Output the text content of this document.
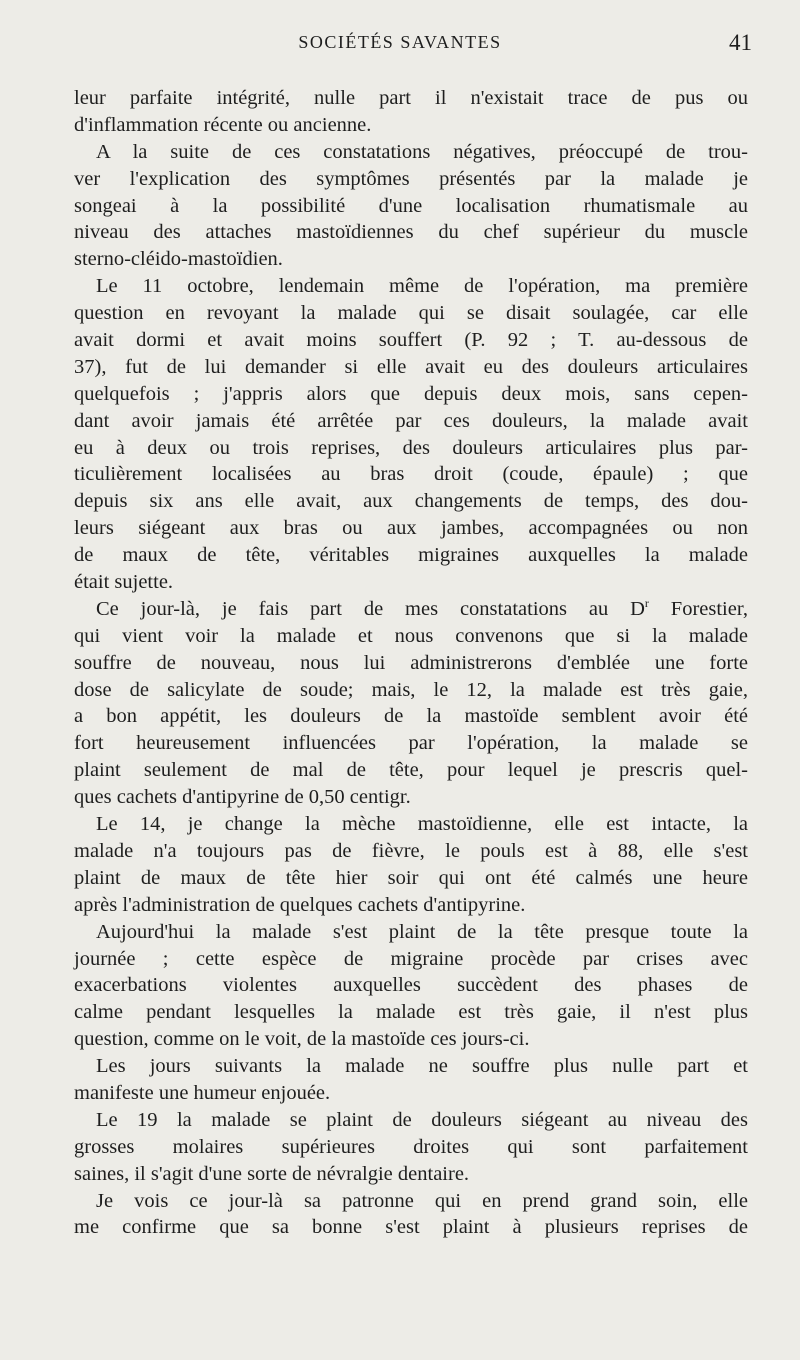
SOCIÉTÉS SAVANTES	41
leur parfaite intégrité, nulle part il n'existait trace de pus ou
d'inflammation récente ou ancienne.
A la suite de ces constatations négatives, préoccupé de trou-
ver l'explication des symptômes présentés par la malade je
songeai à la possibilité d'une localisation rhumatismale au
niveau des attaches mastoïdiennes du chef supérieur du muscle
sterno-cléido-mastoïdien.
Le 11 octobre, lendemain même de l'opération, ma première
question en revoyant la malade qui se disait soulagée, car elle
avait dormi et avait moins souffert (P. 92 ; T. au-dessous de
37), fut de lui demander si elle avait eu des douleurs articulaires
quelquefois ; j'appris alors que depuis deux mois, sans cepen-
dant avoir jamais été arrêtée par ces douleurs, la malade avait
eu à deux ou trois reprises, des douleurs articulaires plus par-
ticulièrement localisées au bras droit (coude, épaule) ; que
depuis six ans elle avait, aux changements de temps, des dou-
leurs siégeant aux bras ou aux jambes, accompagnées ou non
de maux de tête, véritables migraines auxquelles la malade
était sujette.
Ce jour-là, je fais part de mes constatations au $D^r$ Forestier,
qui vient voir la malade et nous convenons que si la malade
souffre de nouveau, nous lui administrerons d'emblée une forte
dose de salicylate de soude; mais, le 12, la malade est très gaie,
a bon appétit, les douleurs de la mastoïde semblent avoir été
fort heureusement influencées par l'opération, la malade se
plaint seulement de mal de tête, pour lequel je prescris quel-
ques cachets d'antipyrine de 0,50 centigr.
Le 14, je change la mèche mastoïdienne, elle est intacte, la
malade n'a toujours pas de fièvre, le pouls est à 88, elle s'est
plaint de maux de tête hier soir qui ont été calmés une heure
après l'administration de quelques cachets d'antipyrine.
Aujourd'hui la malade s'est plaint de la tête presque toute la
journée ; cette espèce de migraine procède par crises avec
exacerbations violentes auxquelles succèdent des phases de
calme pendant lesquelles la malade est très gaie, il n'est plus
question, comme on le voit, de la mastoïde ces jours-ci.
Les jours suivants la malade ne souffre plus nulle part et
manifeste une humeur enjouée.
Le 19 la malade se plaint de douleurs siégeant au niveau des
grosses molaires supérieures droites qui sont parfaitement
saines, il s'agit d'une sorte de névralgie dentaire.
Je vois ce jour-là sa patronne qui en prend grand soin, elle
me confirme que sa bonne s'est plaint à plusieurs reprises de
